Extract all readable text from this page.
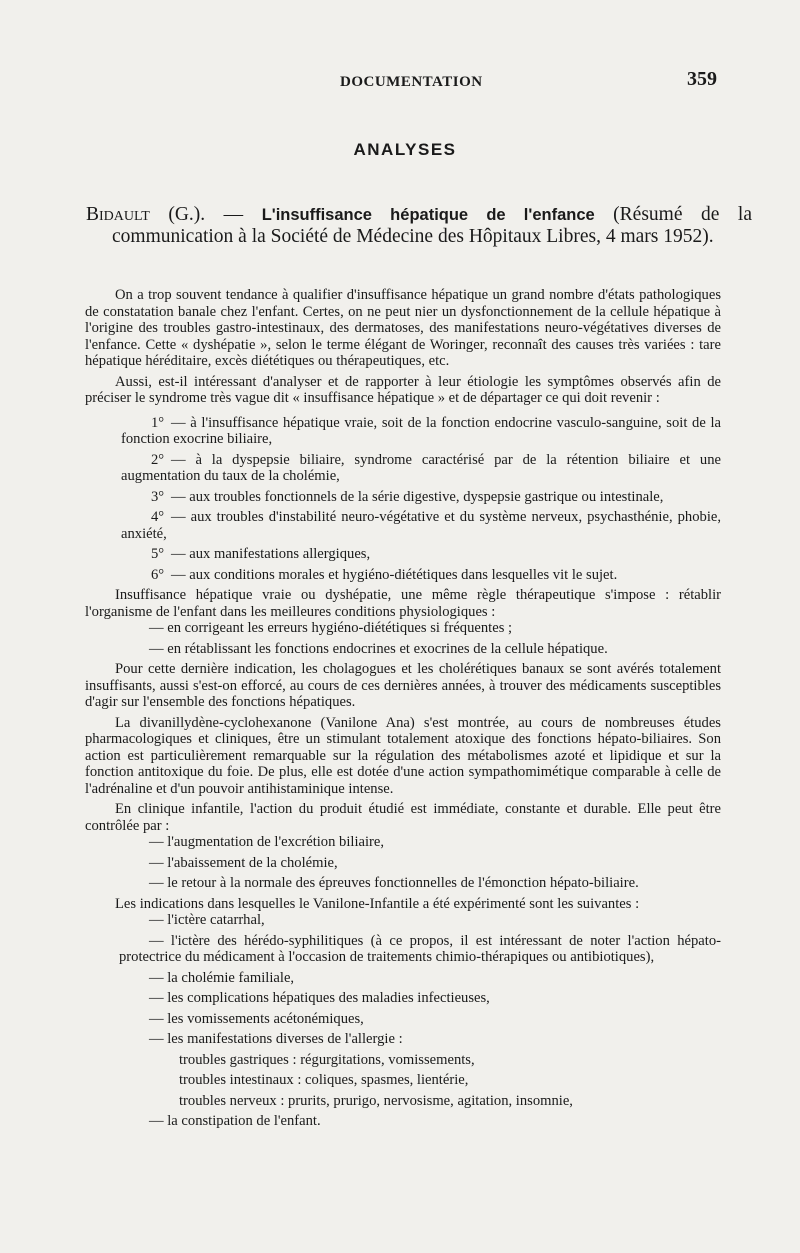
DOCUMENTATION	359
ANALYSES
Bidault (G.). — L'insuffisance hépatique de l'enfance (Résumé de la communication à la Société de Médecine des Hôpitaux Libres, 4 mars 1952).

On a trop souvent tendance à qualifier d'insuffisance hépatique un grand nombre d'états pathologiques de constatation banale chez l'enfant. Certes, on ne peut nier un dysfonctionnement de la cellule hépatique à l'origine des troubles gastro-intestinaux, des dermatoses, des manifestations neuro-végétatives diverses de l'enfance. Cette « dyshépatie », selon le terme élégant de Woringer, reconnaît des causes très variées : tare hépatique héréditaire, excès diététiques ou thérapeutiques, etc.

Aussi, est-il intéressant d'analyser et de rapporter à leur étiologie les symptômes observés afin de préciser le syndrome très vague dit « insuffisance hépatique » et de départager ce qui doit revenir :

1° — à l'insuffisance hépatique vraie, soit de la fonction endocrine vasculo-sanguine, soit de la fonction exocrine biliaire,

2° — à la dyspepsie biliaire, syndrome caractérisé par de la rétention biliaire et une augmentation du taux de la cholémie,

3° — aux troubles fonctionnels de la série digestive, dyspepsie gastrique ou intestinale,

4° — aux troubles d'instabilité neuro-végétative et du système nerveux, psychasthénie, phobie, anxiété,

5° — aux manifestations allergiques,

6° — aux conditions morales et hygiéno-diététiques dans lesquelles vit le sujet.

Insuffisance hépatique vraie ou dyshépatie, une même règle thérapeutique s'impose : rétablir l'organisme de l'enfant dans les meilleures conditions physiologiques :

— en corrigeant les erreurs hygiéno-diététiques si fréquentes ;

— en rétablissant les fonctions endocrines et exocrines de la cellule hépatique.

Pour cette dernière indication, les cholagogues et les cholérétiques banaux se sont avérés totalement insuffisants, aussi s'est-on efforcé, au cours de ces dernières années, à trouver des médicaments susceptibles d'agir sur l'ensemble des fonctions hépatiques.

La divanillydène-cyclohexanone (Vanilone Ana) s'est montrée, au cours de nombreuses études pharmacologiques et cliniques, être un stimulant totalement atoxique des fonctions hépato-biliaires. Son action est particulièrement remarquable sur la régulation des métabolismes azoté et lipidique et sur la fonction antitoxique du foie. De plus, elle est dotée d'une action sympathomimétique comparable à celle de l'adrénaline et d'un pouvoir antihistaminique intense.

En clinique infantile, l'action du produit étudié est immédiate, constante et durable. Elle peut être contrôlée par :

— l'augmentation de l'excrétion biliaire,

— l'abaissement de la cholémie,

— le retour à la normale des épreuves fonctionnelles de l'émonction hépato-biliaire.

Les indications dans lesquelles le Vanilone-Infantile a été expérimenté sont les suivantes :

— l'ictère catarrhal,

— l'ictère des hérédo-syphilitiques (à ce propos, il est intéressant de noter l'action hépato-protectrice du médicament à l'occasion de traitements chimio-thérapiques ou antibiotiques),

— la cholémie familiale,

— les complications hépatiques des maladies infectieuses,

— les vomissements acétonémiques,

— les manifestations diverses de l'allergie :

troubles gastriques : régurgitations, vomissements,

troubles intestinaux : coliques, spasmes, lientérie,

troubles nerveux : prurits, prurigo, nervosisme, agitation, insomnie,

— la constipation de l'enfant.
